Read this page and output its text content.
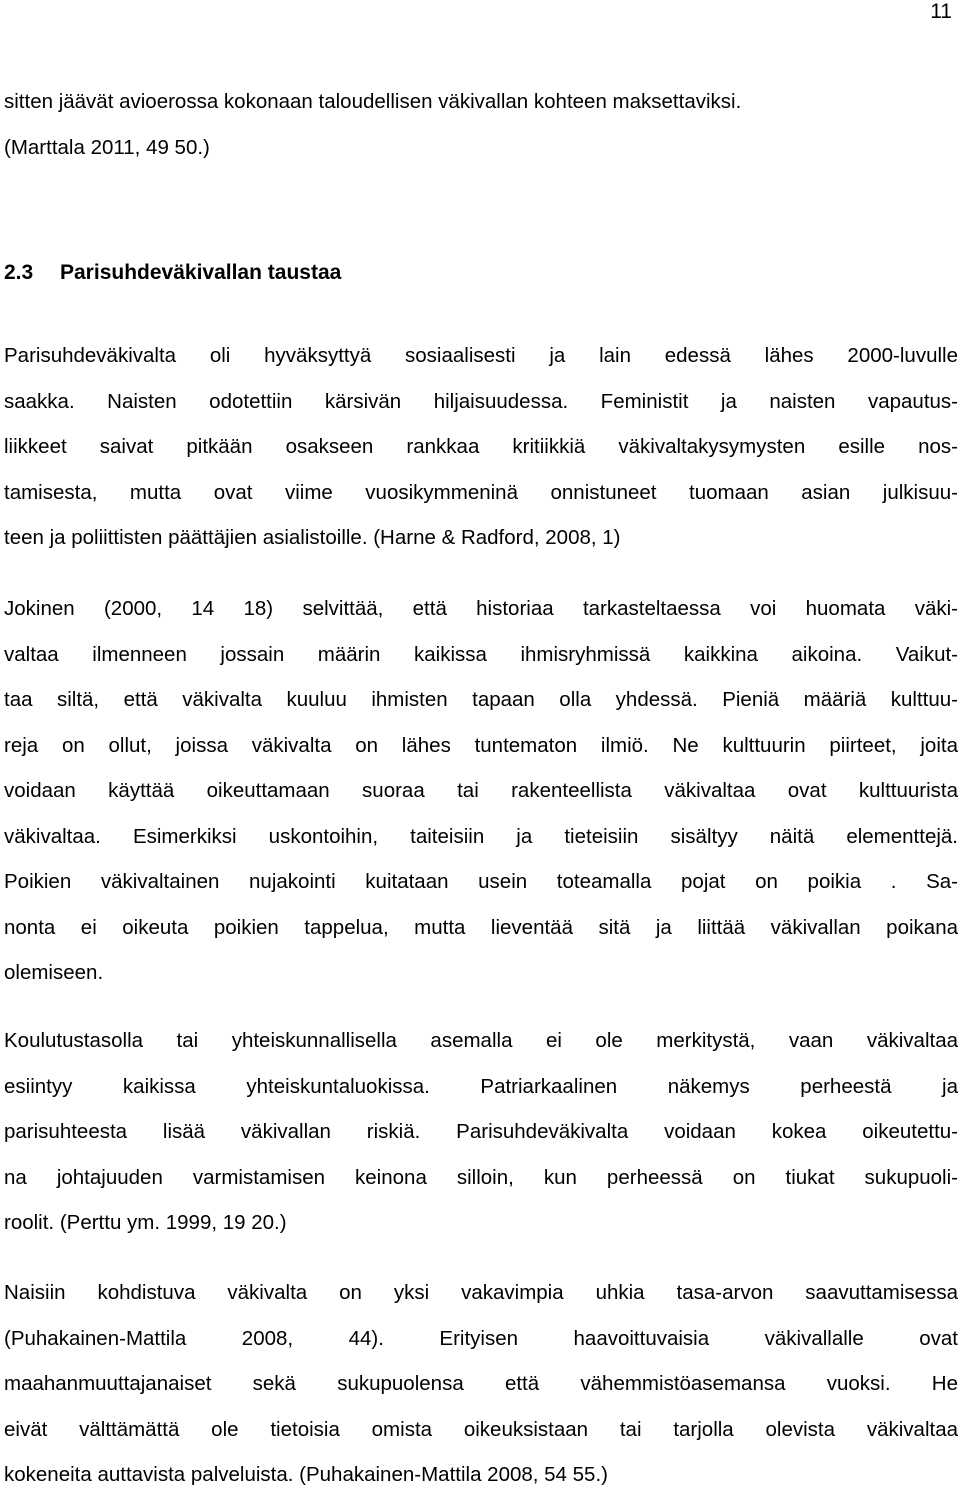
11
sitten jäävät avioerossa kokonaan taloudellisen väkivallan kohteen maksettaviksi.
(Marttala 2011, 49 50.)
2.3 Parisuhdeväkivallan taustaa
Parisuhdeväkivalta oli hyväksyttyä sosiaalisesti ja lain edessä lähes 2000-luvulle
saakka. Naisten odotettiin kärsivän hiljaisuudessa. Feministit ja naisten vapautus-
liikkeet saivat pitkään osakseen rankkaa kritiikkiä väkivaltakysymysten esille nos-
tamisesta, mutta ovat viime vuosikymmeninä onnistuneet tuomaan asian julkisuu-
teen ja poliittisten päättäjien asialistoille. (Harne & Radford, 2008, 1)
Jokinen (2000, 14 18) selvittää, että historiaa tarkasteltaessa voi huomata väki-
valtaa ilmenneen jossain määrin kaikissa ihmisryhmissä kaikkina aikoina. Vaikut-
taa siltä, että väkivalta kuuluu ihmisten tapaan olla yhdessä. Pieniä määriä kulttuu-
reja on ollut, joissa väkivalta on lähes tuntematon ilmiö. Ne kulttuurin piirteet, joita
voidaan käyttää oikeuttamaan suoraa tai rakenteellista väkivaltaa ovat kulttuurista
väkivaltaa. Esimerkiksi uskontoihin, taiteisiin ja tieteisiin sisältyy näitä elementtejä.
Poikien väkivaltainen nujakointi kuitataan usein toteamalla pojat on poikia . Sa-
nonta ei oikeuta poikien tappelua, mutta lieventää sitä ja liittää väkivallan poikana
olemiseen.
Koulutustasolla tai yhteiskunnallisella asemalla ei ole merkitystä, vaan väkivaltaa
esiintyy kaikissa yhteiskuntaluokissa. Patriarkaalinen näkemys perheestä ja
parisuhteesta lisää väkivallan riskiä. Parisuhdeväkivalta voidaan kokea oikeutettu-
na johtajuuden varmistamisen keinona silloin, kun perheessä on tiukat sukupuoli-
roolit. (Perttu ym. 1999, 19 20.)
Naisiin kohdistuva väkivalta on yksi vakavimpia uhkia tasa-arvon saavuttamisessa
(Puhakainen-Mattila 2008, 44). Erityisen haavoittuvaisia väkivallalle ovat
maahanmuuttajanaiset sekä sukupuolensa että vähemmistöasemansa vuoksi. He
eivät välttämättä ole tietoisia omista oikeuksistaan tai tarjolla olevista väkivaltaa
kokeneita auttavista palveluista. (Puhakainen-Mattila 2008, 54 55.)
